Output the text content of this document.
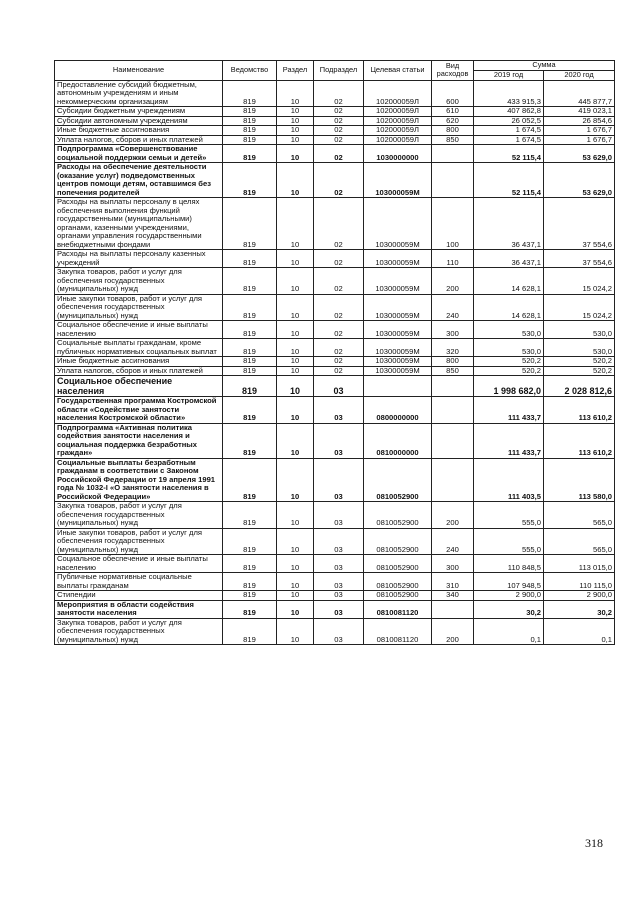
Наименование	Ведомство	Раздел	Подраздел	Целевая статьи	Вид расходов	Сумма	
						2019 год	2020 год
Предоставление субсидий бюджетным, автономным учреждениям и иным некоммерческим организациям	819	10	02	102000059Л	600	433 915,3	445 877,7
Субсидии бюджетным учреждениям	819	10	02	102000059Л	610	407 862,8	419 023,1
Субсидии автономным учреждениям	819	10	02	102000059Л	620	26 052,5	26 854,6
Иные бюджетные ассигнования	819	10	02	102000059Л	800	1 674,5	1 676,7
Уплата налогов, сборов и иных платежей	819	10	02	102000059Л	850	1 674,5	1 676,7
Подпрограмма «Совершенствование социальной поддержки семьи и детей»	819	10	02	1030000000		52 115,4	53 629,0
Расходы на обеспечение деятельности (оказание услуг) подведомственных центров помощи детям, оставшимся без попечения родителей	819	10	02	103000059М		52 115,4	53 629,0
Расходы на выплаты персоналу в целях обеспечения выполнения функций государственными (муниципальными) органами, казенными учреждениями, органами управления государственными внебюджетными фондами	819	10	02	103000059М	100	36 437,1	37 554,6
Расходы на выплаты персоналу казенных учреждений	819	10	02	103000059М	110	36 437,1	37 554,6
Закупка товаров, работ и услуг для обеспечения государственных (муниципальных) нужд	819	10	02	103000059М	200	14 628,1	15 024,2
Иные закупки товаров, работ и услуг для обеспечения государственных (муниципальных) нужд	819	10	02	103000059М	240	14 628,1	15 024,2
Социальное обеспечение и иные выплаты населению	819	10	02	103000059М	300	530,0	530,0
Социальные выплаты гражданам, кроме публичных нормативных социальных выплат	819	10	02	103000059М	320	530,0	530,0
Иные бюджетные ассигнования	819	10	02	103000059М	800	520,2	520,2
Уплата налогов, сборов и иных платежей	819	10	02	103000059М	850	520,2	520,2
Социальное обеспечение населения	819	10	03			1 998 682,0	2 028 812,6
Государственная программа Костромской области «Содействие занятости населения Костромской области»	819	10	03	0800000000		111 433,7	113 610,2
Подпрограмма «Активная политика содействия занятости населения и социальная поддержка безработных граждан»	819	10	03	0810000000		111 433,7	113 610,2
Социальные выплаты безработным гражданам в соответствии с Законом Российской Федерации от 19 апреля 1991 года № 1032-I «О занятости населения в Российской Федерации»	819	10	03	0810052900		111 403,5	113 580,0
Закупка товаров, работ и услуг для обеспечения государственных (муниципальных) нужд	819	10	03	0810052900	200	555,0	565,0
Иные закупки товаров, работ и услуг для обеспечения государственных (муниципальных) нужд	819	10	03	0810052900	240	555,0	565,0
Социальное обеспечение и иные выплаты населению	819	10	03	0810052900	300	110 848,5	113 015,0
Публичные нормативные социальные выплаты гражданам	819	10	03	0810052900	310	107 948,5	110 115,0
Стипендии	819	10	03	0810052900	340	2 900,0	2 900,0
Мероприятия в области содействия занятости населения	819	10	03	0810081120		30,2	30,2
Закупка товаров, работ и услуг для обеспечения государственных (муниципальных) нужд	819	10	03	0810081120	200	0,1	0,1
318
